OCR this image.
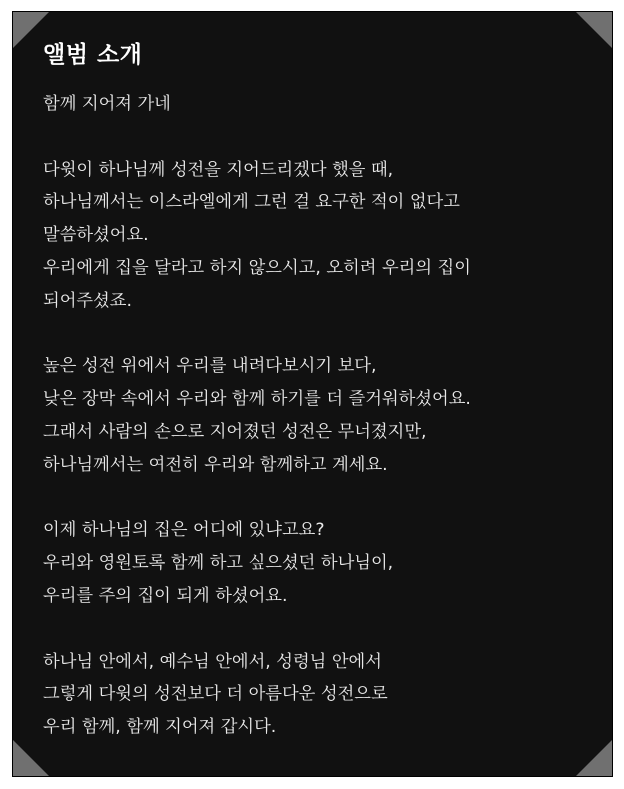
앨범 소개
함께 지어져 가네
다윗이 하나님께 성전을 지어드리겠다 했을 때,
하나님께서는 이스라엘에게 그런 걸 요구한 적이 없다고
말씀하셨어요.
우리에게 집을 달라고 하지 않으시고, 오히려 우리의 집이
되어주셨죠.
높은 성전 위에서 우리를 내려다보시기 보다,
낮은 장막 속에서 우리와 함께 하기를 더 즐거워하셨어요.
그래서 사람의 손으로 지어졌던 성전은 무너졌지만,
하나님께서는 여전히 우리와 함께하고 계세요.
이제 하나님의 집은 어디에 있냐고요?
우리와 영원토록 함께 하고 싶으셨던 하나님이,
우리를 주의 집이 되게 하셨어요.
하나님 안에서, 예수님 안에서, 성령님 안에서
그렇게 다윗의 성전보다 더 아름다운 성전으로
우리 함께, 함께 지어져 갑시다.
